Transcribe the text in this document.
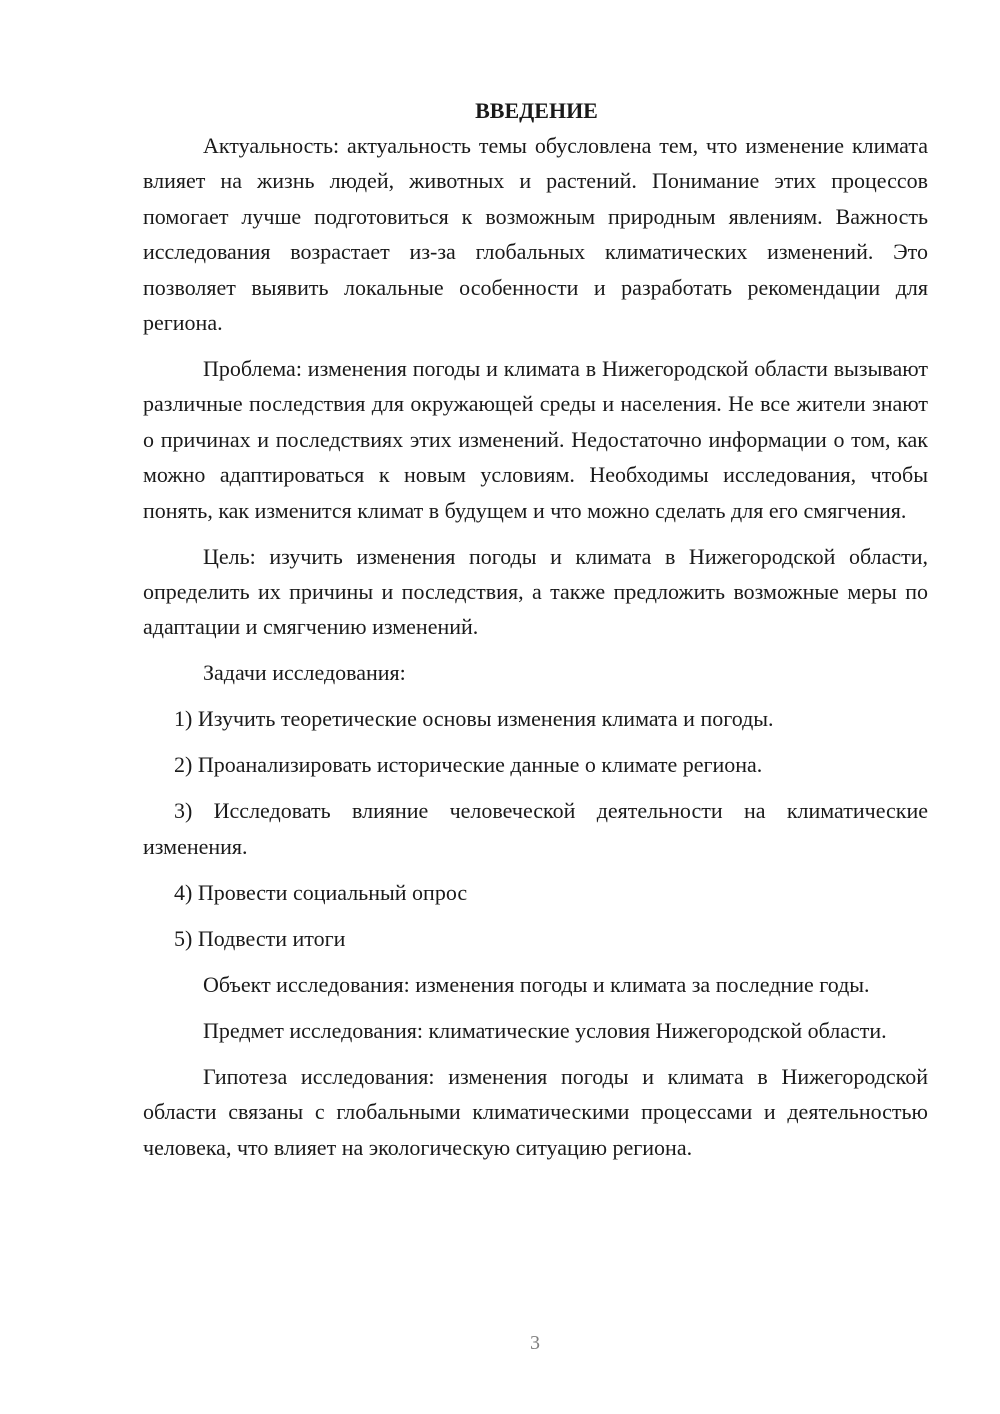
ВВЕДЕНИЕ

Актуальность: актуальность темы обусловлена тем, что изменение климата влияет на жизнь людей, животных и растений. Понимание этих процессов помогает лучше подготовиться к возможным природным явлениям. Важность исследования возрастает из-за глобальных климатических изменений. Это позволяет выявить локальные особенности и разработать рекомендации для региона.

Проблема: изменения погоды и климата в Нижегородской области вызывают различные последствия для окружающей среды и населения. Не все жители знают о причинах и последствиях этих изменений. Недостаточно информации о том, как можно адаптироваться к новым условиям. Необходимы исследования, чтобы понять, как изменится климат в будущем и что можно сделать для его смягчения.

Цель: изучить изменения погоды и климата в Нижегородской области, определить их причины и последствия, а также предложить возможные меры по адаптации и смягчению изменений.

Задачи исследования:

1) Изучить теоретические основы изменения климата и погоды.

2) Проанализировать исторические данные о климате региона.

3) Исследовать влияние человеческой деятельности на климатические изменения.

4) Провести социальный опрос

5) Подвести итоги

Объект исследования: изменения погоды и климата за последние годы.

Предмет исследования: климатические условия Нижегородской области.

Гипотеза исследования: изменения погоды и климата в Нижегородской области связаны с глобальными климатическими процессами и деятельностью человека, что влияет на экологическую ситуацию региона.

3
